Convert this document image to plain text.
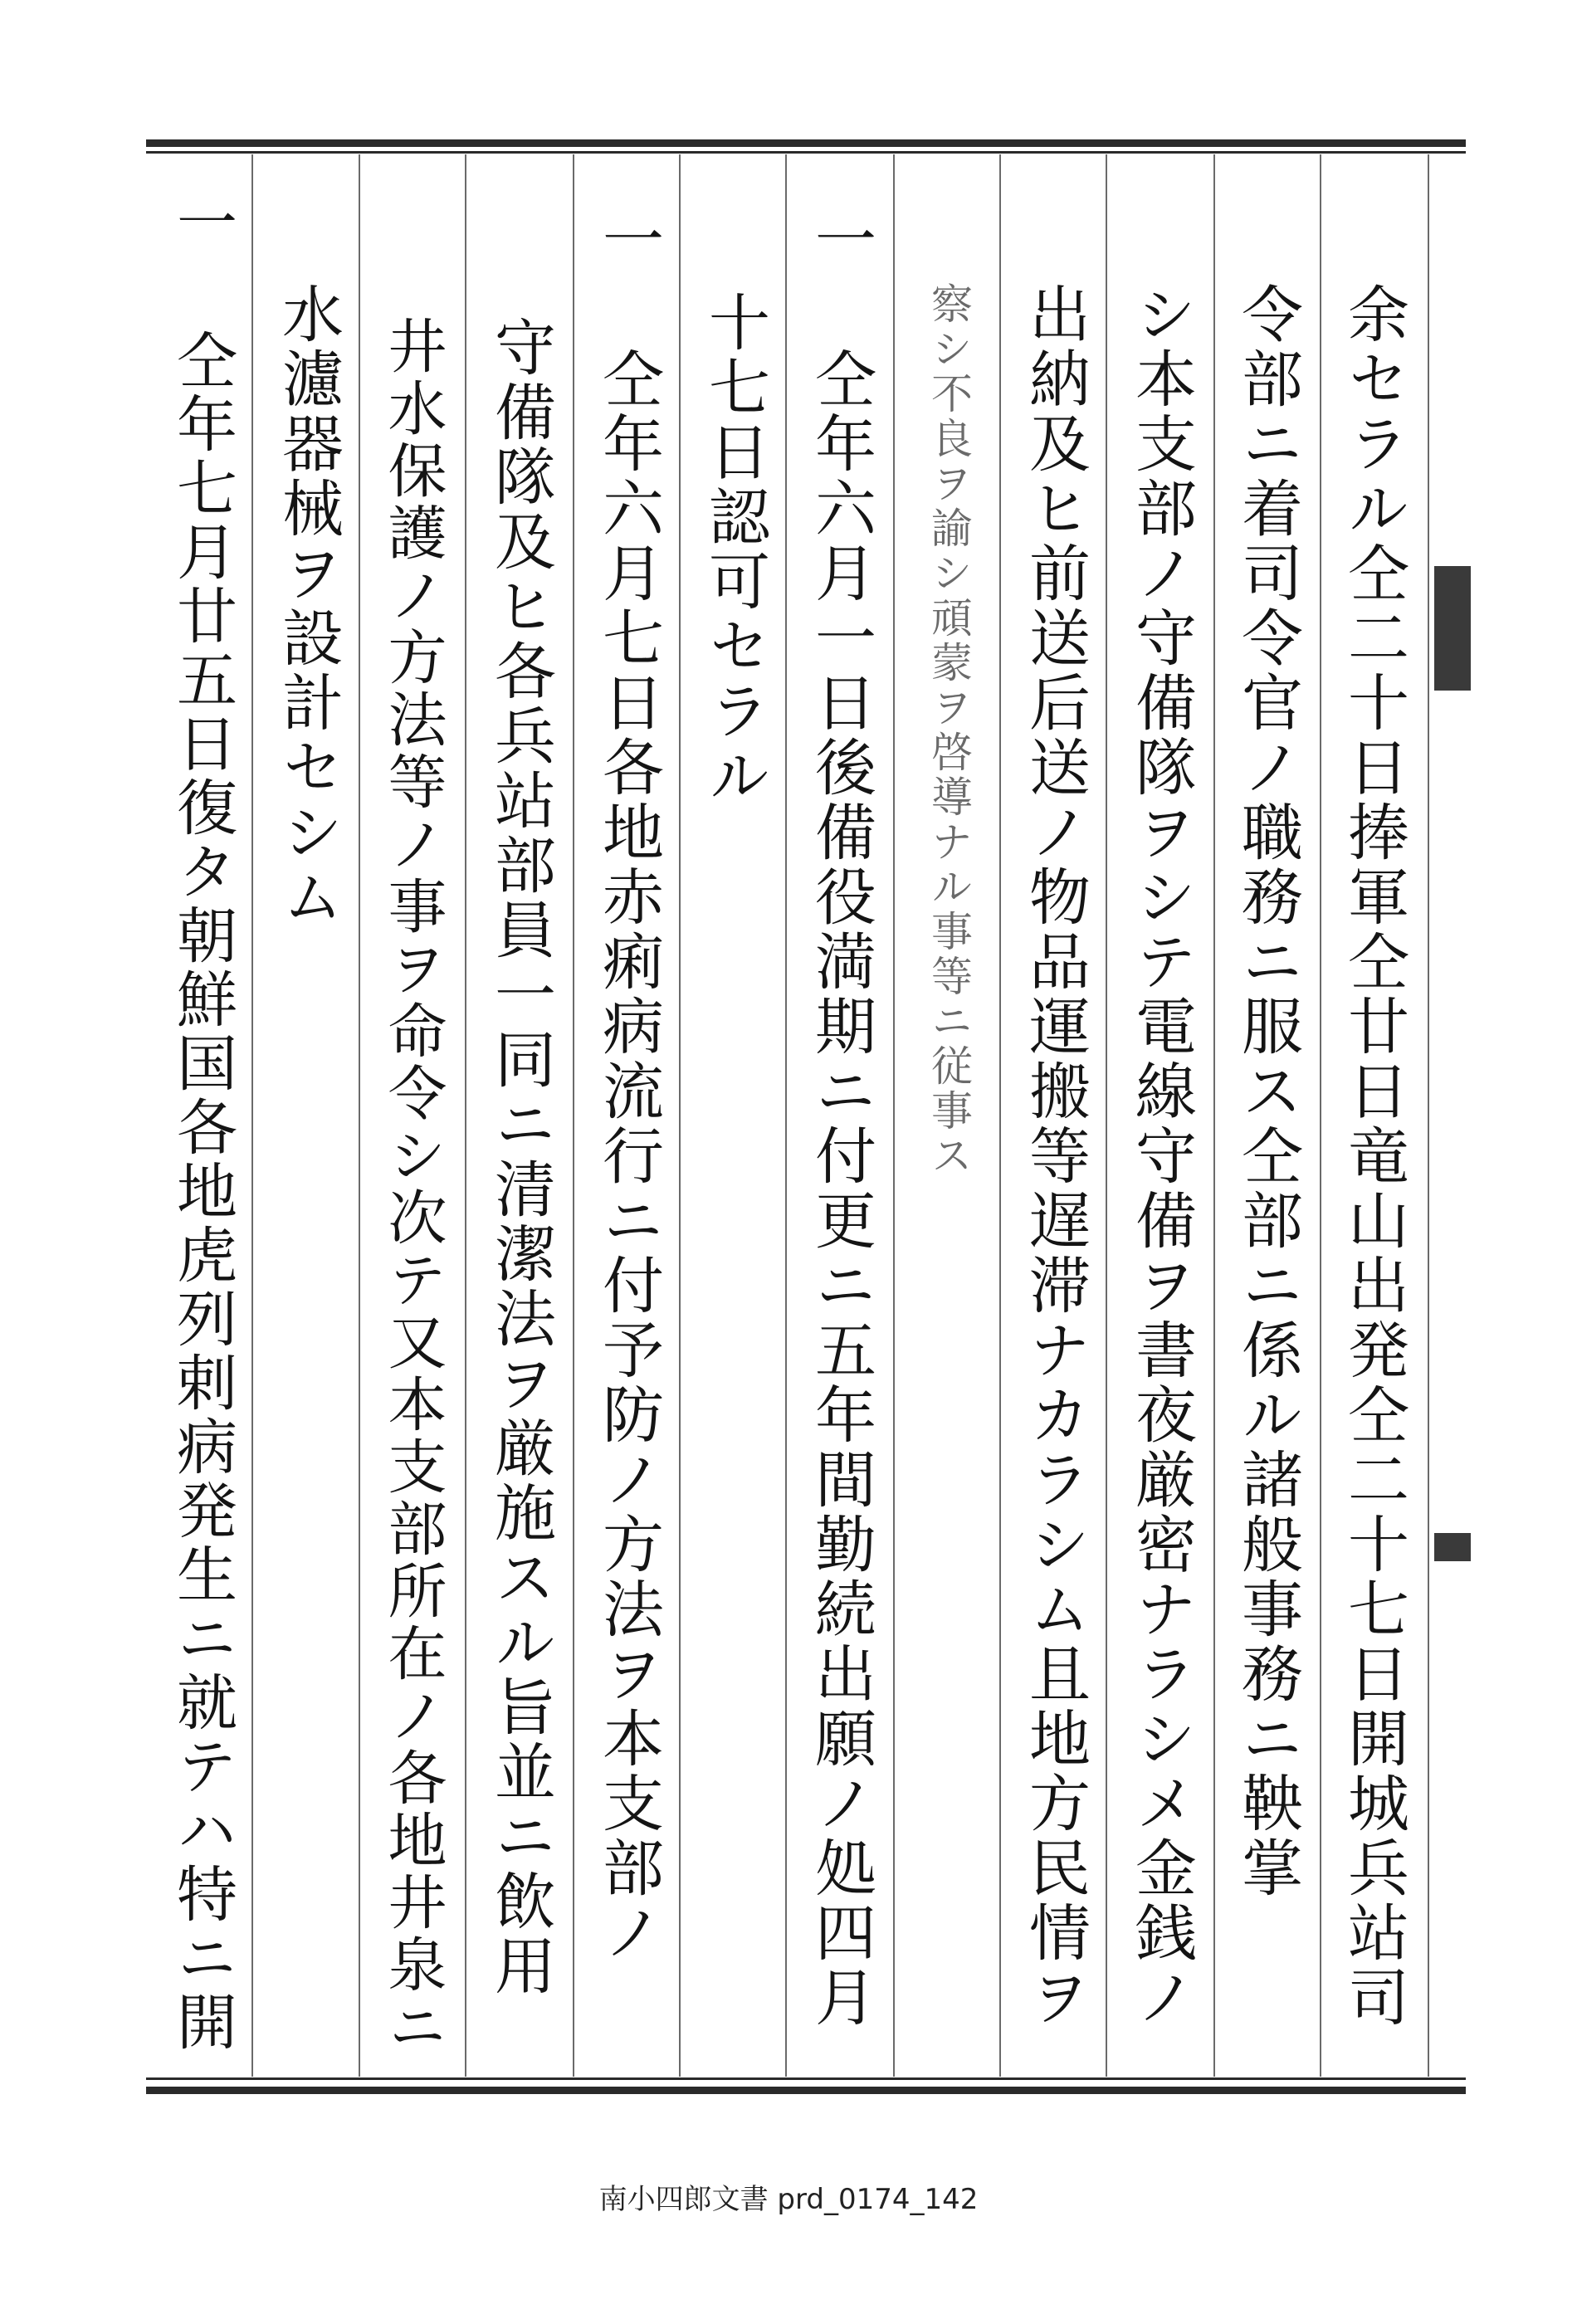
余セラル仝二十日捧軍仝廿日竜山出発仝二十七日開城兵站司
令部ニ着司令官ノ職務ニ服ス仝部ニ係ル諸般事務ニ鞅掌
シ本支部ノ守備隊ヲシテ電線守備ヲ書夜厳密ナラシメ金銭ノ
出納及ヒ前送后送ノ物品運搬等遅滞ナカラシム且地方民情ヲ
察シ不良ヲ諭シ頑蒙ヲ啓導ナル事等ニ従事ス
一 仝年六月一日後備役満期ニ付更ニ五年間勤続出願ノ処四月
十七日認可セラル
一 仝年六月七日各地赤痢病流行ニ付予防ノ方法ヲ本支部ノ
守備隊及ヒ各兵站部員一同ニ清潔法ヲ厳施スル旨並ニ飲用
井水保護ノ方法等ノ事ヲ命令シ次テ又本支部所在ノ各地井泉ニ
水濾器械ヲ設計セシム
一 仝年七月廿五日復タ朝鮮国各地虎列剌病発生ニ就テハ特ニ開
南小四郎文書 prd_0174_142
